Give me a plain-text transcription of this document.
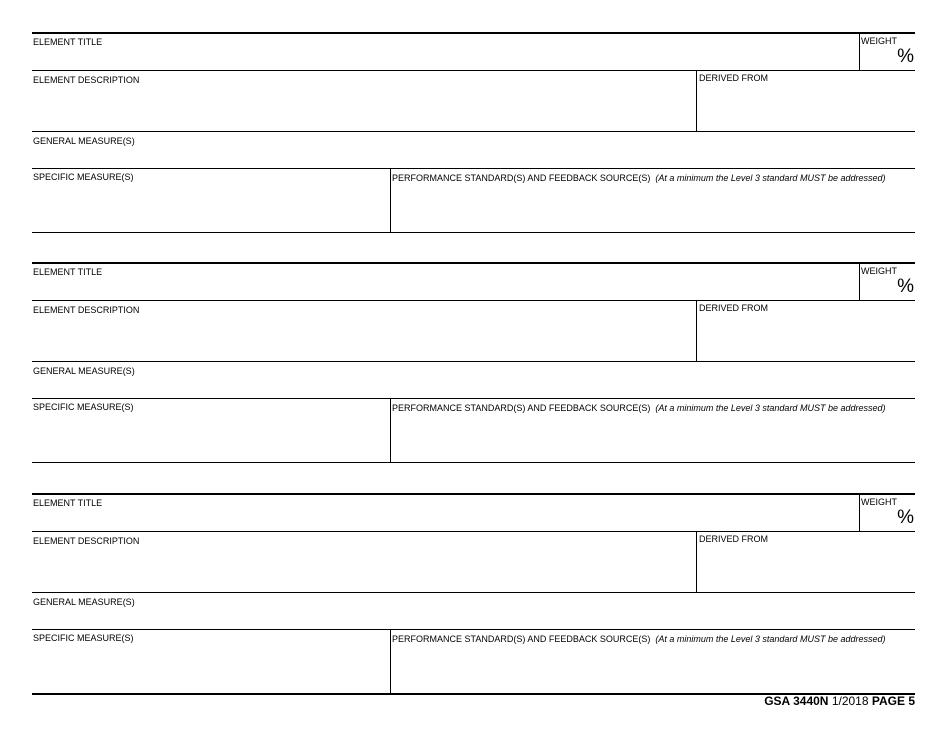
ELEMENT TITLE	WEIGHT
%
ELEMENT DESCRIPTION	DERIVED FROM
GENERAL MEASURE(S)
SPECIFIC MEASURE(S)	PERFORMANCE STANDARD(S) AND FEEDBACK SOURCE(S) (At a minimum the Level 3 standard MUST be addressed)
ELEMENT TITLE	WEIGHT
%
ELEMENT DESCRIPTION	DERIVED FROM
GENERAL MEASURE(S)
SPECIFIC MEASURE(S)	PERFORMANCE STANDARD(S) AND FEEDBACK SOURCE(S) (At a minimum the Level 3 standard MUST be addressed)
ELEMENT TITLE	WEIGHT
%
ELEMENT DESCRIPTION	DERIVED FROM
GENERAL MEASURE(S)
SPECIFIC MEASURE(S)	PERFORMANCE STANDARD(S) AND FEEDBACK SOURCE(S) (At a minimum the Level 3 standard MUST be addressed)
GSA 3440N 1/2018 PAGE 5
